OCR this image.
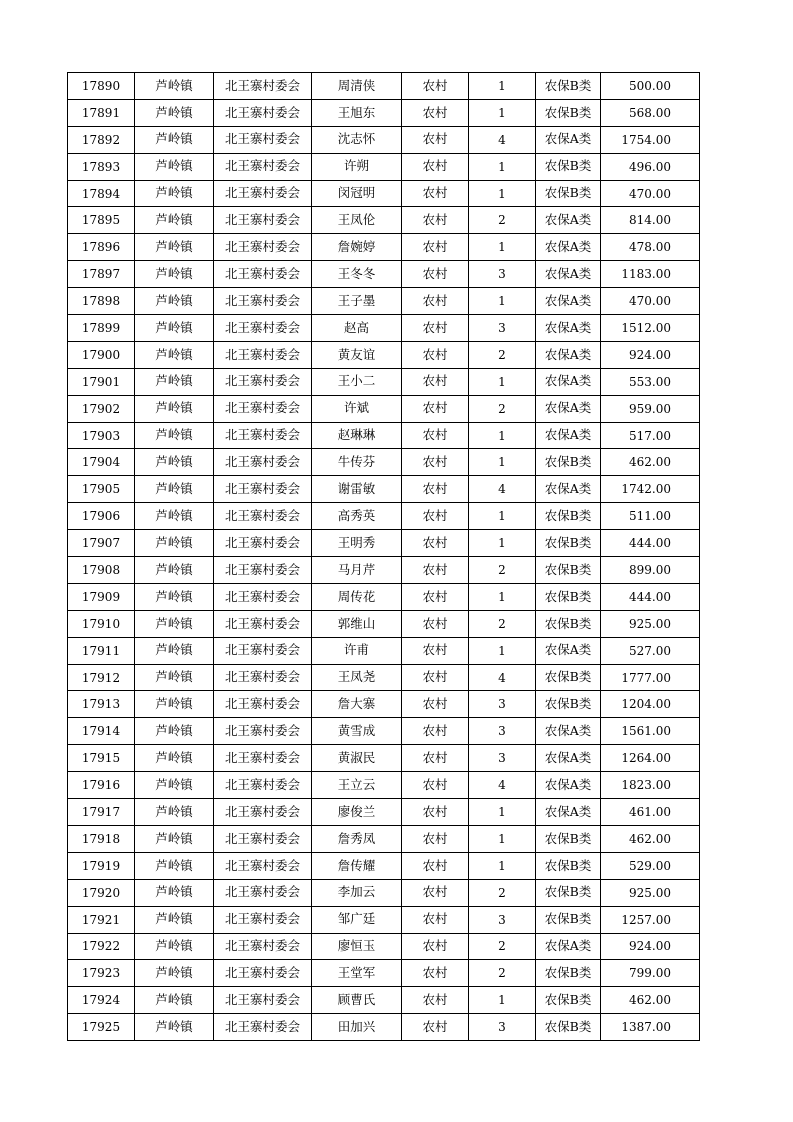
17890	芦岭镇	北王寨村委会	周清侠	农村	1	农保B类	500.00
17891	芦岭镇	北王寨村委会	王旭东	农村	1	农保B类	568.00
17892	芦岭镇	北王寨村委会	沈志怀	农村	4	农保A类	1754.00
17893	芦岭镇	北王寨村委会	许朔	农村	1	农保B类	496.00
17894	芦岭镇	北王寨村委会	闵冠明	农村	1	农保B类	470.00
17895	芦岭镇	北王寨村委会	王凤伦	农村	2	农保A类	814.00
17896	芦岭镇	北王寨村委会	詹婉婷	农村	1	农保A类	478.00
17897	芦岭镇	北王寨村委会	王冬冬	农村	3	农保A类	1183.00
17898	芦岭镇	北王寨村委会	王子墨	农村	1	农保A类	470.00
17899	芦岭镇	北王寨村委会	赵高	农村	3	农保A类	1512.00
17900	芦岭镇	北王寨村委会	黄友谊	农村	2	农保A类	924.00
17901	芦岭镇	北王寨村委会	王小二	农村	1	农保A类	553.00
17902	芦岭镇	北王寨村委会	许斌	农村	2	农保A类	959.00
17903	芦岭镇	北王寨村委会	赵琳琳	农村	1	农保A类	517.00
17904	芦岭镇	北王寨村委会	牛传芬	农村	1	农保B类	462.00
17905	芦岭镇	北王寨村委会	谢雷敏	农村	4	农保A类	1742.00
17906	芦岭镇	北王寨村委会	高秀英	农村	1	农保B类	511.00
17907	芦岭镇	北王寨村委会	王明秀	农村	1	农保B类	444.00
17908	芦岭镇	北王寨村委会	马月芹	农村	2	农保B类	899.00
17909	芦岭镇	北王寨村委会	周传花	农村	1	农保B类	444.00
17910	芦岭镇	北王寨村委会	郭维山	农村	2	农保B类	925.00
17911	芦岭镇	北王寨村委会	许甫	农村	1	农保A类	527.00
17912	芦岭镇	北王寨村委会	王凤尧	农村	4	农保B类	1777.00
17913	芦岭镇	北王寨村委会	詹大寨	农村	3	农保B类	1204.00
17914	芦岭镇	北王寨村委会	黄雪成	农村	3	农保A类	1561.00
17915	芦岭镇	北王寨村委会	黄淑民	农村	3	农保A类	1264.00
17916	芦岭镇	北王寨村委会	王立云	农村	4	农保A类	1823.00
17917	芦岭镇	北王寨村委会	廖俊兰	农村	1	农保A类	461.00
17918	芦岭镇	北王寨村委会	詹秀凤	农村	1	农保B类	462.00
17919	芦岭镇	北王寨村委会	詹传耀	农村	1	农保B类	529.00
17920	芦岭镇	北王寨村委会	李加云	农村	2	农保B类	925.00
17921	芦岭镇	北王寨村委会	邹广廷	农村	3	农保B类	1257.00
17922	芦岭镇	北王寨村委会	廖恒玉	农村	2	农保A类	924.00
17923	芦岭镇	北王寨村委会	王堂军	农村	2	农保B类	799.00
17924	芦岭镇	北王寨村委会	顾曹氏	农村	1	农保B类	462.00
17925	芦岭镇	北王寨村委会	田加兴	农村	3	农保B类	1387.00
